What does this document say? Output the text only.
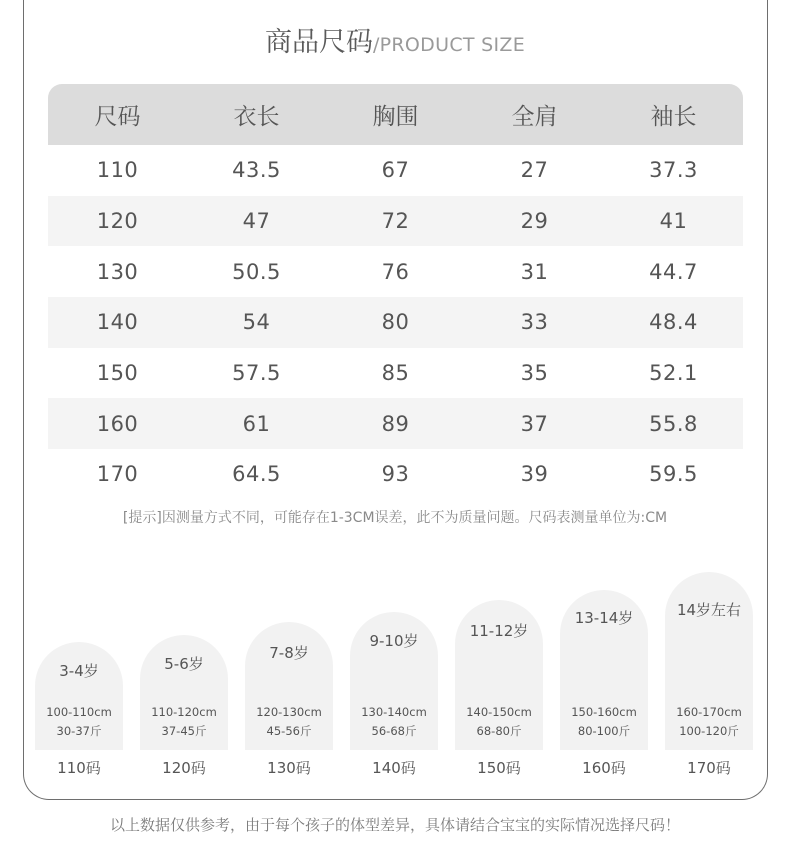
商品尺码/PRODUCT SIZE
尺码	衣长	胸围	全肩	袖长
110	43.5	67	27	37.3
120	47	72	29	41
130	50.5	76	31	44.7
140	54	80	33	48.4
150	57.5	85	35	52.1
160	61	89	37	55.8
170	64.5	93	39	59.5
[提示]因测量方式不同，可能存在1-3CM误差，此不为质量问题。尺码表测量单位为:CM
3-4岁
100-110cm
30-37斤
5-6岁
110-120cm
37-45斤
7-8岁
120-130cm
45-56斤
9-10岁
130-140cm
56-68斤
11-12岁
140-150cm
68-80斤
13-14岁
150-160cm
80-100斤
14岁左右
160-170cm
100-120斤
110码	120码	130码	140码	150码	160码	170码
以上数据仅供参考，由于每个孩子的体型差异，具体请结合宝宝的实际情况选择尺码！
